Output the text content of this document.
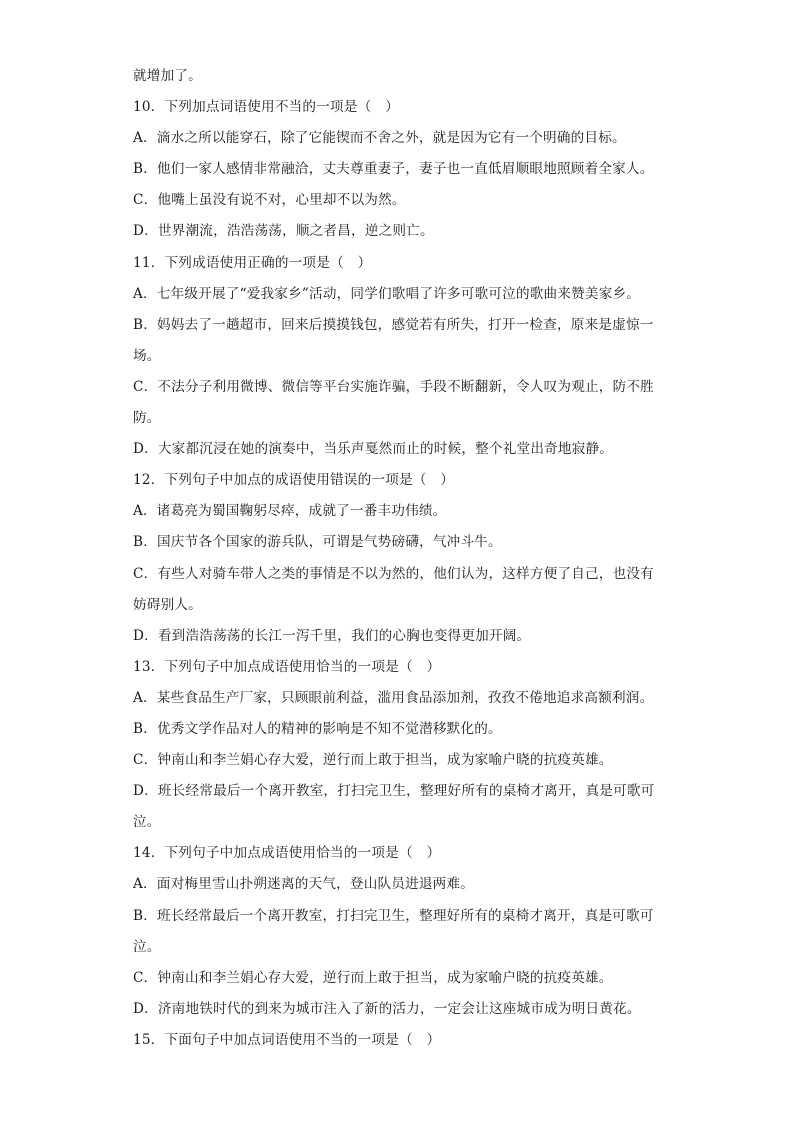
就增加了。
10．下列加点词语使用不当的一项是（　）
A．滴水之所以能穿石，除了它能锲而不舍之外，就是因为它有一个明确的目标。
B．他们一家人感情非常融洽，丈夫尊重妻子，妻子也一直低眉顺眼地照顾着全家人。
C．他嘴上虽没有说不对，心里却不以为然。
D．世界潮流，浩浩荡荡，顺之者昌，逆之则亡。
11．下列成语使用正确的一项是（　）
A．七年级开展了“爱我家乡”活动，同学们歌唱了许多可歌可泣的歌曲来赞美家乡。
B．妈妈去了一趟超市，回来后摸摸钱包，感觉若有所失，打开一检查，原来是虚惊一
场。
C．不法分子利用微博、微信等平台实施诈骗，手段不断翻新，令人叹为观止，防不胜
防。
D．大家都沉浸在她的演奏中，当乐声戛然而止的时候，整个礼堂出奇地寂静。
12．下列句子中加点的成语使用错误的一项是（　）
A．诸葛亮为蜀国鞠躬尽瘁，成就了一番丰功伟绩。
B．国庆节各个国家的游兵队，可谓是气势磅礴，气冲斗牛。
C．有些人对骑车带人之类的事情是不以为然的，他们认为，这样方便了自己，也没有
妨碍别人。
D．看到浩浩荡荡的长江一泻千里，我们的心胸也变得更加开阔。
13．下列句子中加点成语使用恰当的一项是（　）
A．某些食品生产厂家，只顾眼前利益，滥用食品添加剂，孜孜不倦地追求高额利润。
B．优秀文学作品对人的精神的影响是不知不觉潜移默化的。
C．钟南山和李兰娟心存大爱，逆行而上敢于担当，成为家喻户晓的抗疫英雄。
D．班长经常最后一个离开教室，打扫完卫生，整理好所有的桌椅才离开，真是可歌可
泣。
14．下列句子中加点成语使用恰当的一项是（　）
A．面对梅里雪山扑朔迷离的天气，登山队员进退两难。
B．班长经常最后一个离开教室，打扫完卫生，整理好所有的桌椅才离开，真是可歌可
泣。
C．钟南山和李兰娟心存大爱，逆行而上敢于担当，成为家喻户晓的抗疫英雄。
D．济南地铁时代的到来为城市注入了新的活力，一定会让这座城市成为明日黄花。
15．下面句子中加点词语使用不当的一项是（　）
